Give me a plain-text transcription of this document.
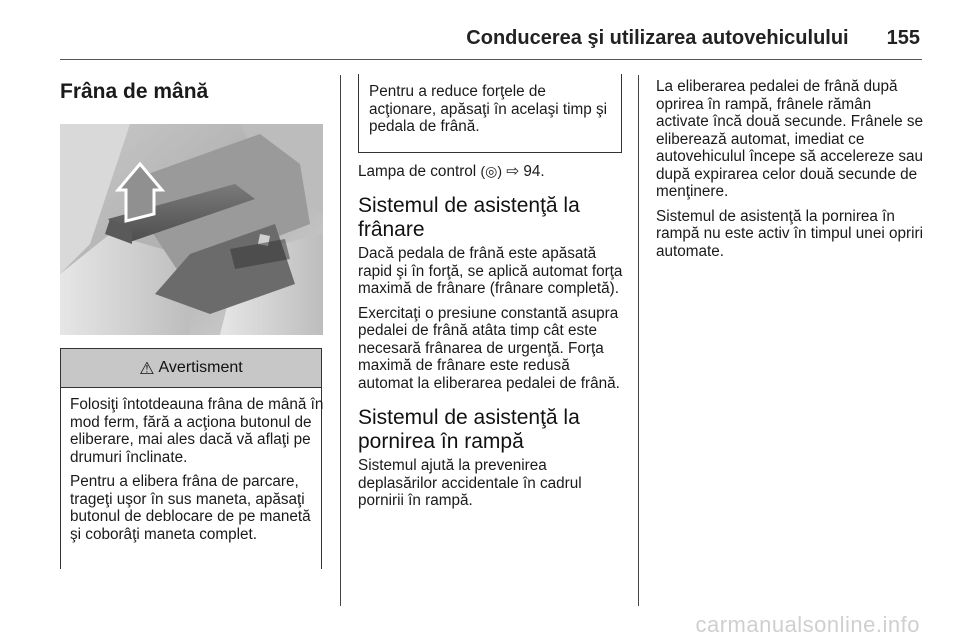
Conducerea şi utilizarea autovehiculului 155
Frâna de mână
⚠ Avertisment

Folosiţi întotdeauna frâna de mână în mod ferm, fără a acţiona butonul de eliberare, mai ales dacă vă aflaţi pe drumuri înclinate.

Pentru a elibera frâna de parcare, trageţi uşor în sus maneta, apăsaţi butonul de deblocare de pe manetă şi coborâţi maneta complet.

Pentru a reduce forţele de acţionare, apăsaţi în acelaşi timp şi pedala de frână.

Lampa de control (◎) ⇨ 94.

Sistemul de asistenţă la frânare

Dacă pedala de frână este apăsată rapid şi în forţă, se aplică automat forţa maximă de frânare (frânare completă).

Exercitaţi o presiune constantă asupra pedalei de frână atâta timp cât este necesară frânarea de urgenţă. Forţa maximă de frânare este redusă automat la eliberarea pedalei de frână.

Sistemul de asistenţă la pornirea în rampă

Sistemul ajută la prevenirea deplasărilor accidentale în cadrul pornirii în rampă.

La eliberarea pedalei de frână după oprirea în rampă, frânele rămân activate încă două secunde. Frânele se eliberează automat, imediat ce autovehiculul începe să accelereze sau după expirarea celor două secunde de menţinere.

Sistemul de asistenţă la pornirea în rampă nu este activ în timpul unei opriri automate.

carmanualsonline.info
